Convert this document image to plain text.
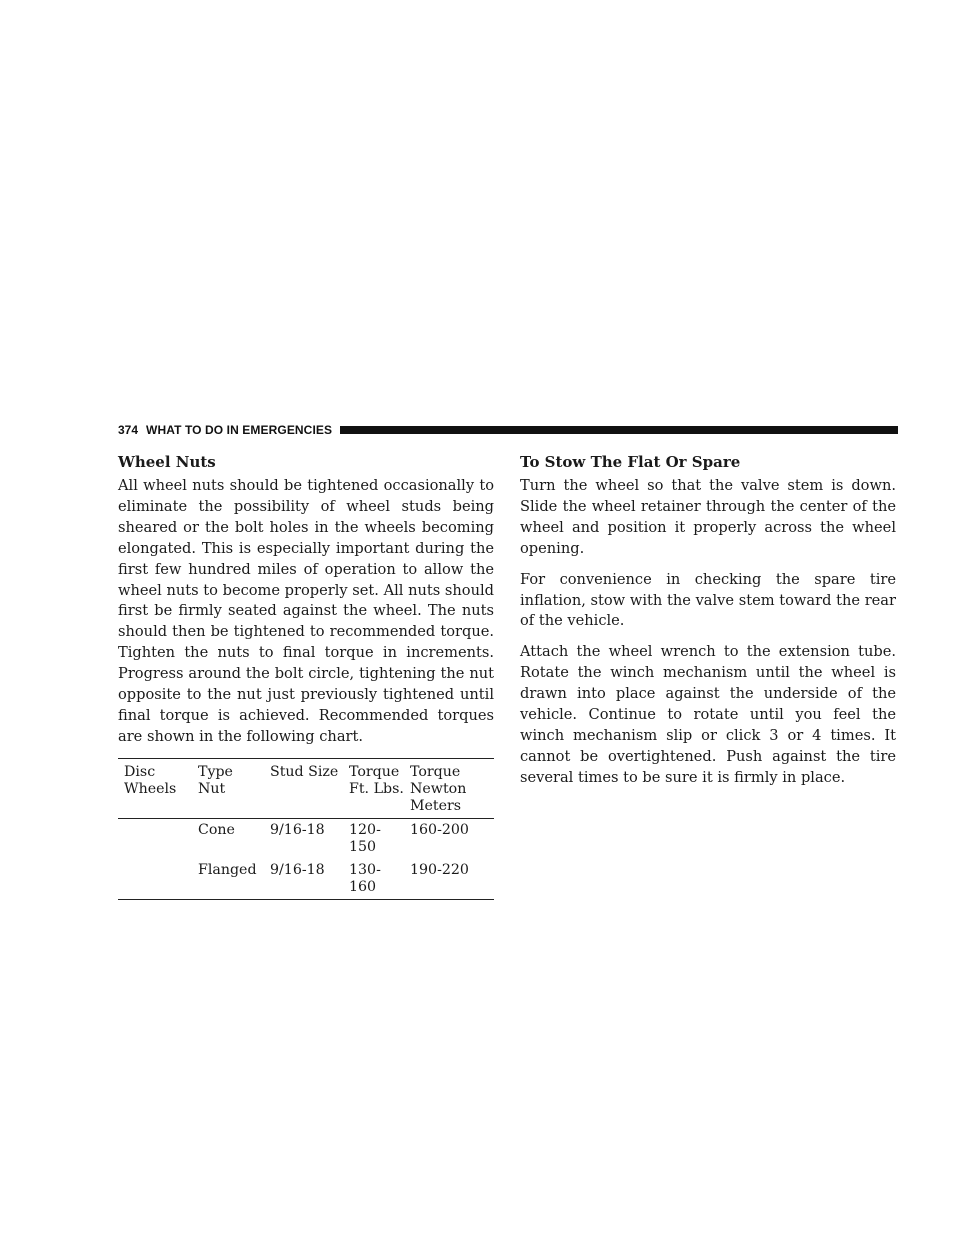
374 WHAT TO DO IN EMERGENCIES
Wheel Nuts

All wheel nuts should be tightened occasionally to eliminate the possibility of wheel studs being sheared or the bolt holes in the wheels becoming elongated. This is especially important during the first few hundred miles of operation to allow the wheel nuts to become properly set. All nuts should first be firmly seated against the wheel. The nuts should then be tightened to recommended torque. Tighten the nuts to final torque in increments. Progress around the bolt circle, tightening the nut opposite to the nut just previously tightened until final torque is achieved. Recommended torques are shown in the following chart.

Disc Wheels	Type Nut	Stud Size	Torque Ft. Lbs.	Torque Newton Meters
	Cone	9/16-18	120-150	160-200
	Flanged	9/16-18	130-160	190-220
To Stow The Flat Or Spare

Turn the wheel so that the valve stem is down. Slide the wheel retainer through the center of the wheel and position it properly across the wheel opening.

For convenience in checking the spare tire inflation, stow with the valve stem toward the rear of the vehicle.

Attach the wheel wrench to the extension tube. Rotate the winch mechanism until the wheel is drawn into place against the underside of the vehicle. Continue to rotate until you feel the winch mechanism slip or click 3 or 4 times. It cannot be overtightened. Push against the tire several times to be sure it is firmly in place.
